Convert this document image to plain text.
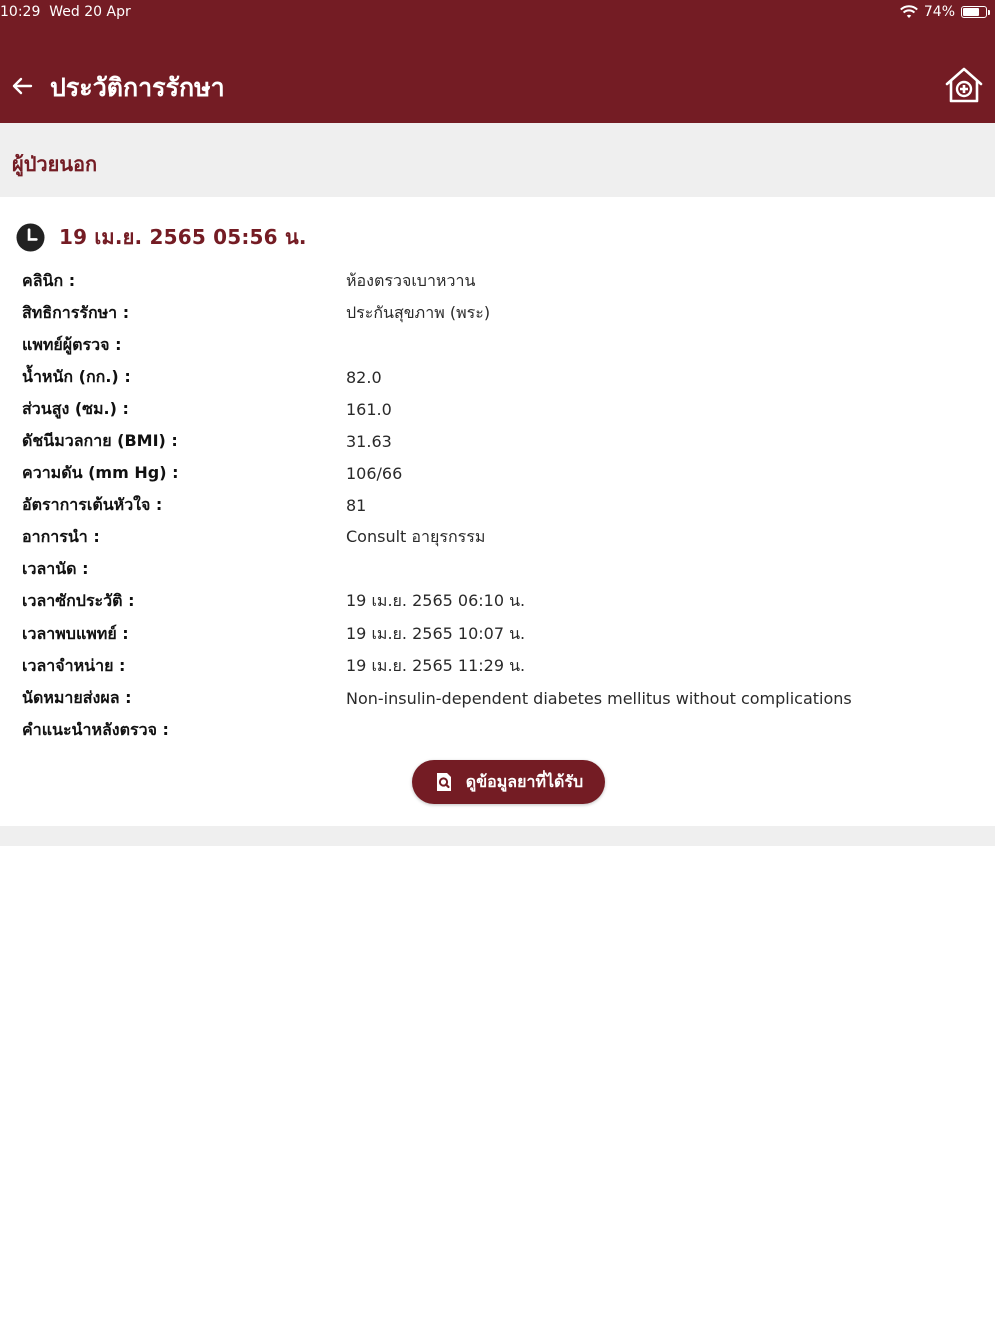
10:29 Wed 20 Apr	74%
ประวัติการรักษา
ผู้ป่วยนอก
19 เม.ย. 2565 05:56 น.
คลินิก :	ห้องตรวจเบาหวาน
สิทธิการรักษา :	ประกันสุขภาพ (พระ)
แพทย์ผู้ตรวจ :
น้ำหนัก (กก.) :	82.0
ส่วนสูง (ซม.) :	161.0
ดัชนีมวลกาย (BMI) :	31.63
ความดัน (mm Hg) :	106/66
อัตราการเต้นหัวใจ :	81
อาการนำ :	Consult อายุรกรรม
เวลานัด :
เวลาซักประวัติ :	19 เม.ย. 2565 06:10 น.
เวลาพบแพทย์ :	19 เม.ย. 2565 10:07 น.
เวลาจำหน่าย :	19 เม.ย. 2565 11:29 น.
นัดหมายส่งผล :	Non-insulin-dependent diabetes mellitus without complications
คำแนะนำหลังตรวจ :
ดูข้อมูลยาที่ได้รับ
